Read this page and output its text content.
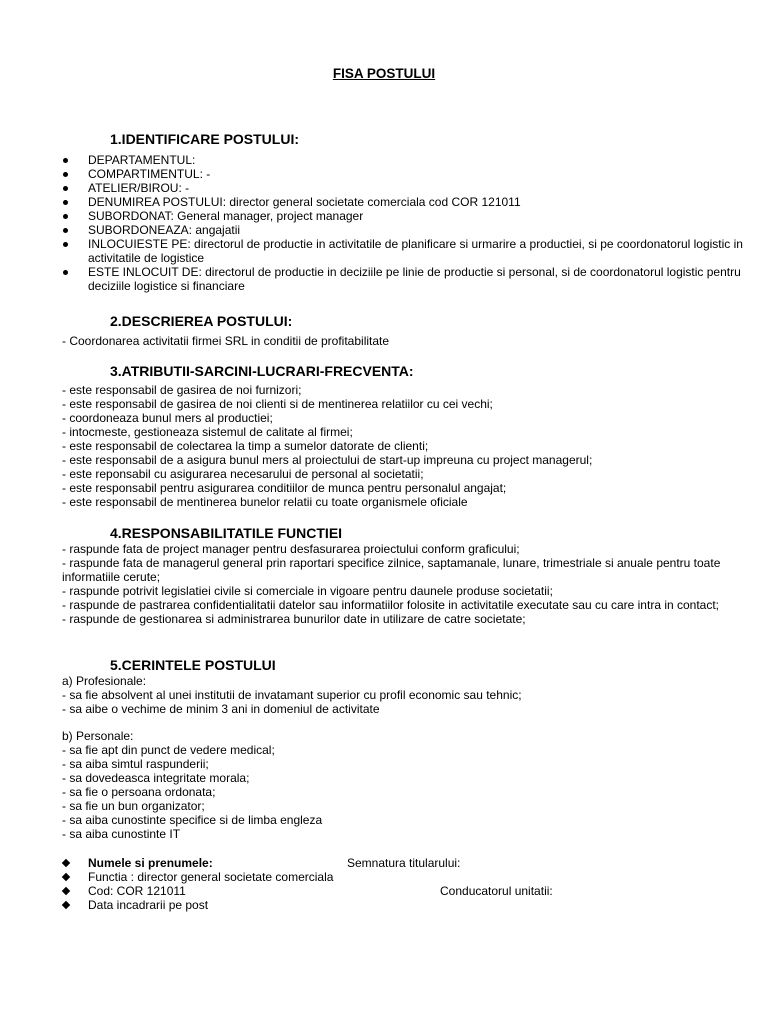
FISA POSTULUI
1.IDENTIFICARE POSTULUI:
DEPARTAMENTUL:
COMPARTIMENTUL: -
ATELIER/BIROU: -
DENUMIREA POSTULUI: director general societate comerciala cod COR 121011
SUBORDONAT: General manager, project manager
SUBORDONEAZA: angajatii
INLOCUIESTE PE: directorul de productie in activitatile de planificare si urmarire a productiei, si pe coordonatorul logistic in activitatile de logistice
ESTE INLOCUIT DE: directorul de productie in deciziile pe linie de productie si personal, si de coordonatorul logistic pentru deciziile logistice si financiare
2.DESCRIEREA POSTULUI:
- Coordonarea activitatii firmei SRL in conditii de profitabilitate
3.ATRIBUTII-SARCINI-LUCRARI-FRECVENTA:
- este responsabil de gasirea de noi furnizori;
- este responsabil de gasirea de noi clienti si de mentinerea relatiilor cu cei vechi;
- coordoneaza bunul mers al productiei;
- intocmeste, gestioneaza sistemul de calitate al firmei;
- este responsabil de colectarea la timp a sumelor datorate de clienti;
- este responsabil de a asigura bunul mers al proiectului de start-up impreuna cu project managerul;
- este reponsabil cu asigurarea necesarului de personal al societatii;
- este responsabil pentru asigurarea conditiilor de munca pentru personalul angajat;
- este responsabil de mentinerea bunelor relatii cu toate organismele oficiale
4.RESPONSABILITATILE FUNCTIEI
- raspunde fata de project manager pentru desfasurarea proiectului conform graficului;
- raspunde fata de managerul general prin raportari specifice zilnice, saptamanale, lunare, trimestriale si anuale pentru toate informatiile cerute;
- raspunde potrivit legislatiei civile si comerciale in vigoare pentru daunele produse societatii;
- raspunde de pastrarea confidentialitatii datelor sau informatiilor folosite in activitatile executate sau cu care intra in contact;
- raspunde de gestionarea si administrarea bunurilor date in utilizare de catre societate;
5.CERINTELE POSTULUI
a) Profesionale:
- sa fie absolvent al unei institutii de invatamant superior cu profil economic sau tehnic;
- sa aibe o vechime de minim 3 ani in domeniul de activitate
b) Personale:
- sa fie apt din punct de vedere medical;
- sa aiba simtul raspunderii;
- sa dovedeasca integritate morala;
- sa fie o persoana ordonata;
- sa fie un bun organizator;
- sa aiba cunostinte specifice si de limba engleza
- sa aiba cunostinte IT
Numele si prenumele:	Semnatura titularului:
Functia : director general societate comerciala
Cod: COR 121011	Conducatorul unitatii:
Data incadrarii pe post
